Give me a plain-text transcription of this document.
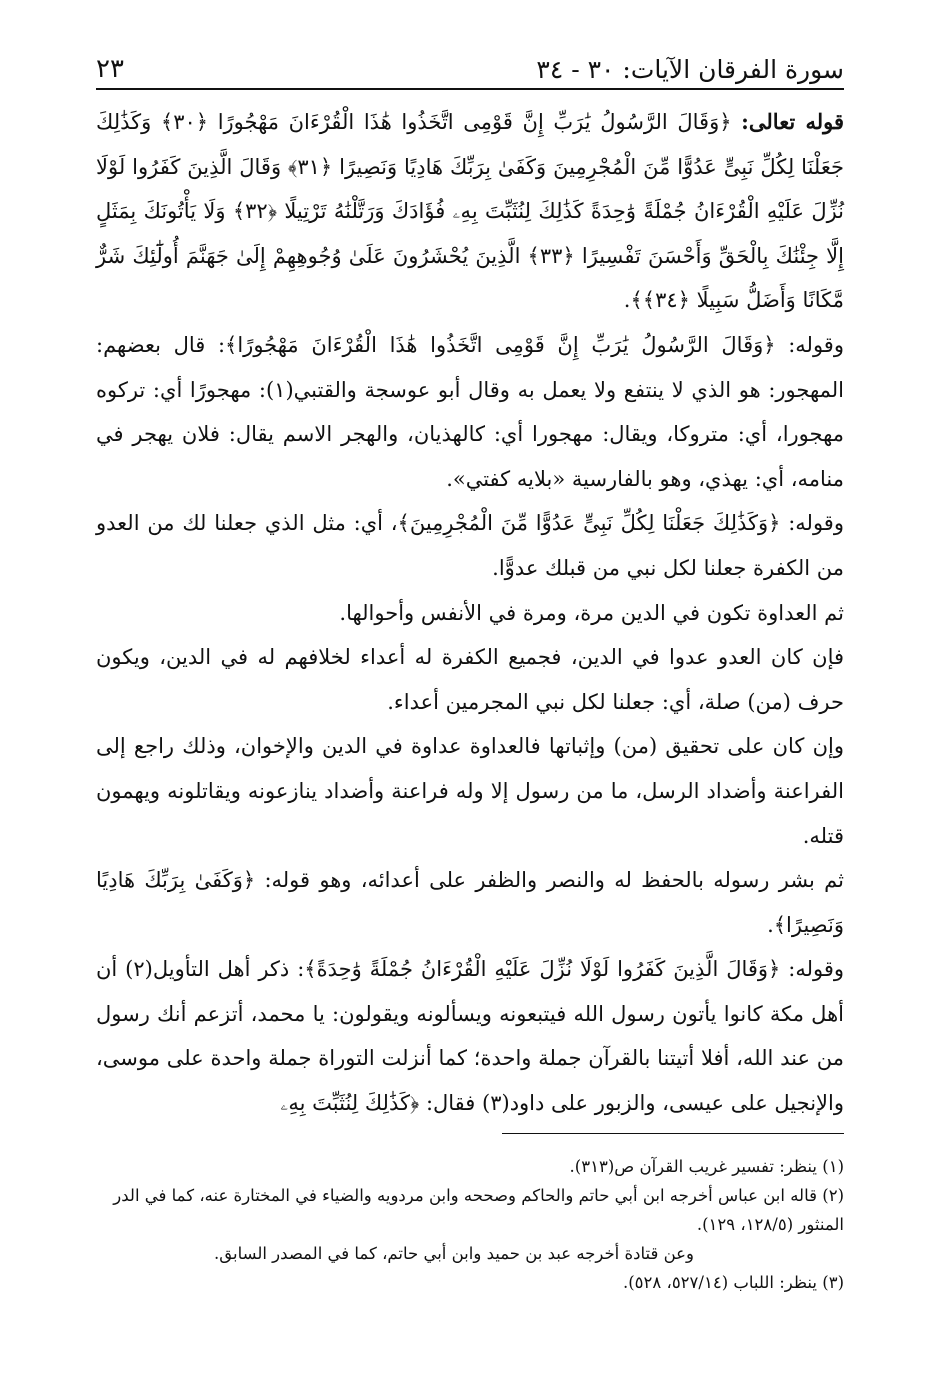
سورة الفرقان الآيات: ٣٠ - ٣٤
٢٣

قوله تعالى: ﴿وَقَالَ الرَّسُولُ يَٰرَبِّ إِنَّ قَوْمِى اتَّخَذُوا هَٰذَا الْقُرْءَانَ مَهْجُورًا ﴿٣٠﴾ وَكَذَٰلِكَ جَعَلْنَا لِكُلِّ نَبِىٍّ عَدُوًّا مِّنَ الْمُجْرِمِينَ وَكَفَىٰ بِرَبِّكَ هَادِيًا وَنَصِيرًا ﴿٣١﴾ وَقَالَ الَّذِينَ كَفَرُوا لَوْلَا نُزِّلَ عَلَيْهِ الْقُرْءَانُ جُمْلَةً وَٰحِدَةً كَذَٰلِكَ لِنُثَبِّتَ بِهِۦ فُؤَادَكَ وَرَتَّلْنَٰهُ تَرْتِيلًا ﴿٣٢﴾ وَلَا يَأْتُونَكَ بِمَثَلٍ إِلَّا جِئْنَٰكَ بِالْحَقِّ وَأَحْسَنَ تَفْسِيرًا ﴿٣٣﴾ الَّذِينَ يُحْشَرُونَ عَلَىٰ وُجُوهِهِمْ إِلَىٰ جَهَنَّمَ أُولَٰٓئِكَ شَرٌّ مَّكَانًا وَأَضَلُّ سَبِيلًا ﴿٣٤﴾﴾.

وقوله: ﴿وَقَالَ الرَّسُولُ يَٰرَبِّ إِنَّ قَوْمِى اتَّخَذُوا هَٰذَا الْقُرْءَانَ مَهْجُورًا﴾: قال بعضهم: المهجور: هو الذي لا ينتفع ولا يعمل به وقال أبو عوسجة والقتبي(١): مهجورًا أي: تركوه مهجورا، أي: متروكا، ويقال: مهجورا أي: كالهذيان، والهجر الاسم يقال: فلان يهجر في منامه، أي: يهذي، وهو بالفارسية «بلايه كفتي».

وقوله: ﴿وَكَذَٰلِكَ جَعَلْنَا لِكُلِّ نَبِىٍّ عَدُوًّا مِّنَ الْمُجْرِمِينَ﴾، أي: مثل الذي جعلنا لك من العدو من الكفرة جعلنا لكل نبي من قبلك عدوًّا.

ثم العداوة تكون في الدين مرة، ومرة في الأنفس وأحوالها.

فإن كان العدو عدوا في الدين، فجميع الكفرة له أعداء لخلافهم له في الدين، ويكون حرف (من) صلة، أي: جعلنا لكل نبي المجرمين أعداء.

وإن كان على تحقيق (من) وإثباتها فالعداوة عداوة في الدين والإخوان، وذلك راجع إلى الفراعنة وأضداد الرسل، ما من رسول إلا وله فراعنة وأضداد ينازعونه ويقاتلونه ويهمون قتله.

ثم بشر رسوله بالحفظ له والنصر والظفر على أعدائه، وهو قوله: ﴿وَكَفَىٰ بِرَبِّكَ هَادِيًا وَنَصِيرًا﴾.

وقوله: ﴿وَقَالَ الَّذِينَ كَفَرُوا لَوْلَا نُزِّلَ عَلَيْهِ الْقُرْءَانُ جُمْلَةً وَٰحِدَةً﴾: ذكر أهل التأويل(٢) أن أهل مكة كانوا يأتون رسول الله فيتبعونه ويسألونه ويقولون: يا محمد، أتزعم أنك رسول من عند الله، أفلا أتيتنا بالقرآن جملة واحدة؛ كما أنزلت التوراة جملة واحدة على موسى، والإنجيل على عيسى، والزبور على داود(٣) فقال: ﴿كَذَٰلِكَ لِنُثَبِّتَ بِهِۦ

(١) ينظر: تفسير غريب القرآن ص(٣١٣).

(٢) قاله ابن عباس أخرجه ابن أبي حاتم والحاكم وصححه وابن مردويه والضياء في المختارة عنه، كما في الدر المنثور (١٢٨/٥، ١٢٩).

وعن قتادة أخرجه عبد بن حميد وابن أبي حاتم، كما في المصدر السابق.

(٣) ينظر: اللباب (٥٢٧/١٤، ٥٢٨).
